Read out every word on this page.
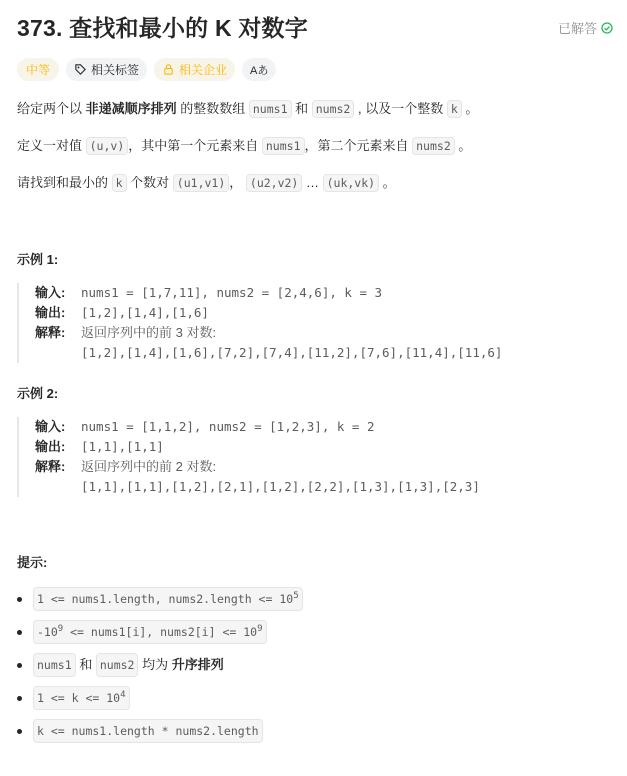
373. 查找和最小的 K 对数字	已解答
中等	相关标签	相关企业 Aあ

给定两个以 非递减顺序排列 的整数数组 nums1 和 nums2 , 以及一个整数 k 。

定义一对值 (u,v) ，其中第一个元素来自 nums1 ，第二个元素来自 nums2 。

请找到和最小的 k 个数对 (u1,v1) ， (u2,v2) … (uk,vk) 。

示例 1:
输入: nums1 = [1,7,11], nums2 = [2,4,6], k = 3
输出: [1,2],[1,4],[1,6]
解释: 返回序列中的前 3 对数:
[1,2],[1,4],[1,6],[7,2],[7,4],[11,2],[7,6],[11,4],[11,6]
示例 2:
输入: nums1 = [1,1,2], nums2 = [1,2,3], k = 2
输出: [1,1],[1,1]
解释: 返回序列中的前 2 对数:
[1,1],[1,1],[1,2],[2,1],[1,2],[2,2],[1,3],[1,3],[2,3]
提示:
1 <= nums1.length, nums2.length <= $10^5$
$-10^9$ <= nums1[i], nums2[i] <= $10^9$
nums1 和 nums2 均为 升序排列
$1 <= k <= 10^4$
k <= nums1.length * nums2.length
